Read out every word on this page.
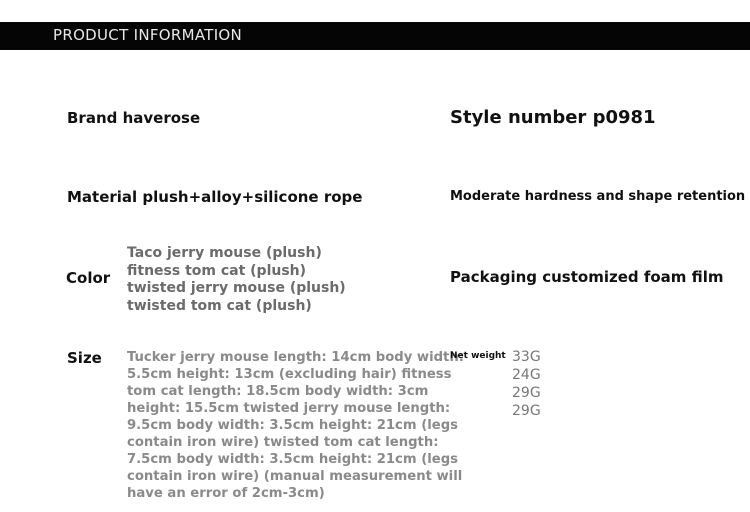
PRODUCT INFORMATION
Brand haverose	Style number p0981
Material plush+alloy+silicone rope	Moderate hardness and shape retention
Color
Taco jerry mouse (plush)
fitness tom cat (plush)
twisted jerry mouse (plush)
twisted tom cat (plush)
Packaging customized foam film
Size Tucker jerry mouse length: 14cm body width: 5.5cm height: 13cm (excluding hair) fitness tom cat length: 18.5cm body width: 3cm height: 15.5cm twisted jerry mouse length: 9.5cm body width: 3.5cm height: 21cm (legs contain iron wire) twisted tom cat length: 7.5cm body width: 3.5cm height: 21cm (legs contain iron wire) (manual measurement will have an error of 2cm-3cm)
Net weight 33G
24G
29G
29G
